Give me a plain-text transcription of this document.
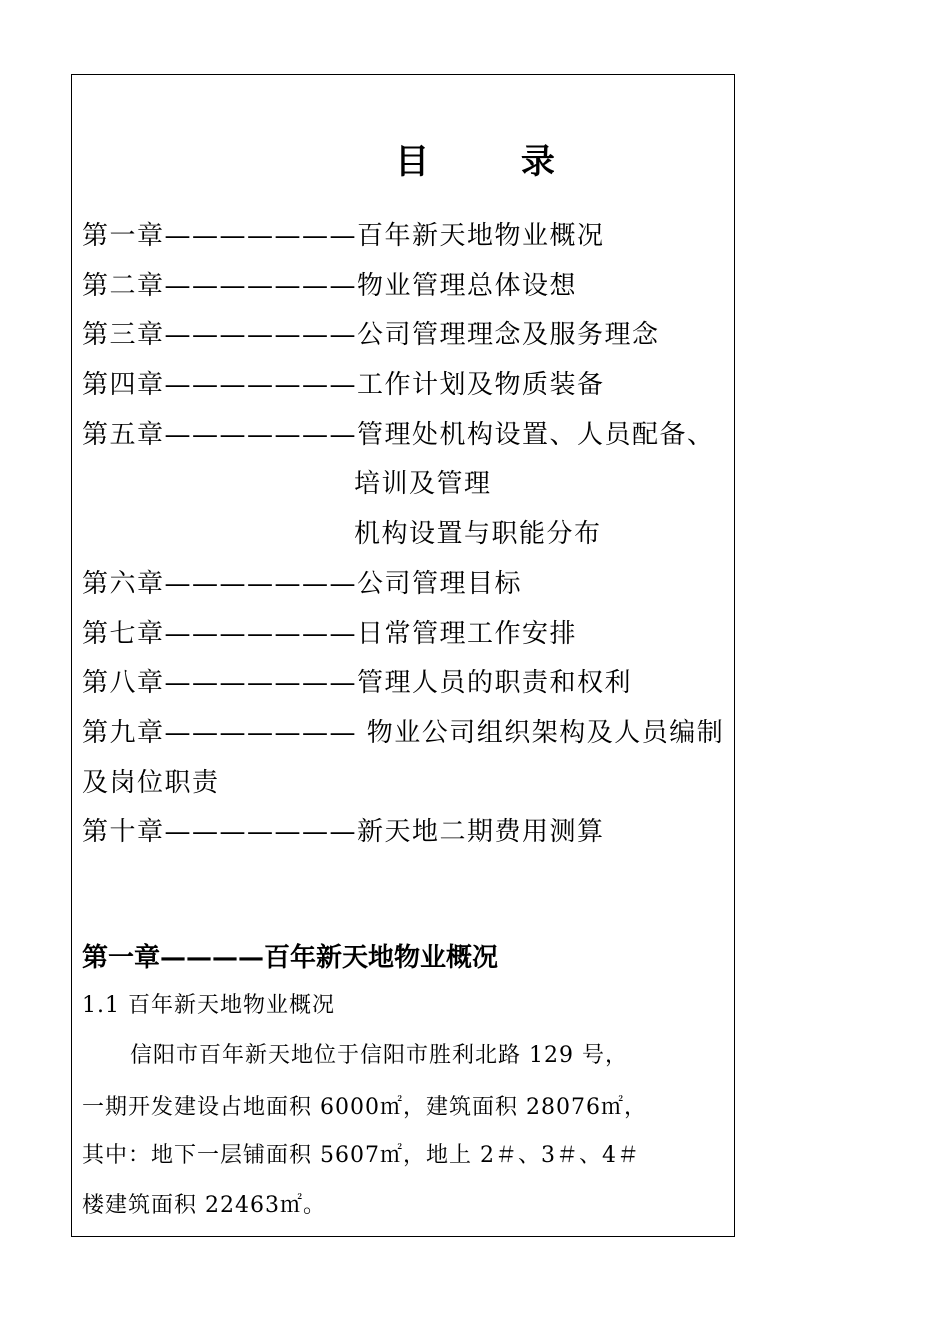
目 录
第一章———————百年新天地物业概况
第二章———————物业管理总体设想
第三章———————公司管理理念及服务理念
第四章———————工作计划及物质装备
第五章———————管理处机构设置、人员配备、
培训及管理
机构设置与职能分布
第六章———————公司管理目标
第七章———————日常管理工作安排
第八章———————管理人员的职责和权利
第九章——————— 物业公司组织架构及人员编制
及岗位职责
第十章———————新天地二期费用测算
第一章————百年新天地物业概况
1.1 百年新天地物业概况
信阳市百年新天地位于信阳市胜利北路 129 号，
一期开发建设占地面积 6000㎡，建筑面积 28076㎡，
其中：地下一层铺面积 5607㎡，地上 2＃、3＃、4＃
楼建筑面积 22463㎡。
